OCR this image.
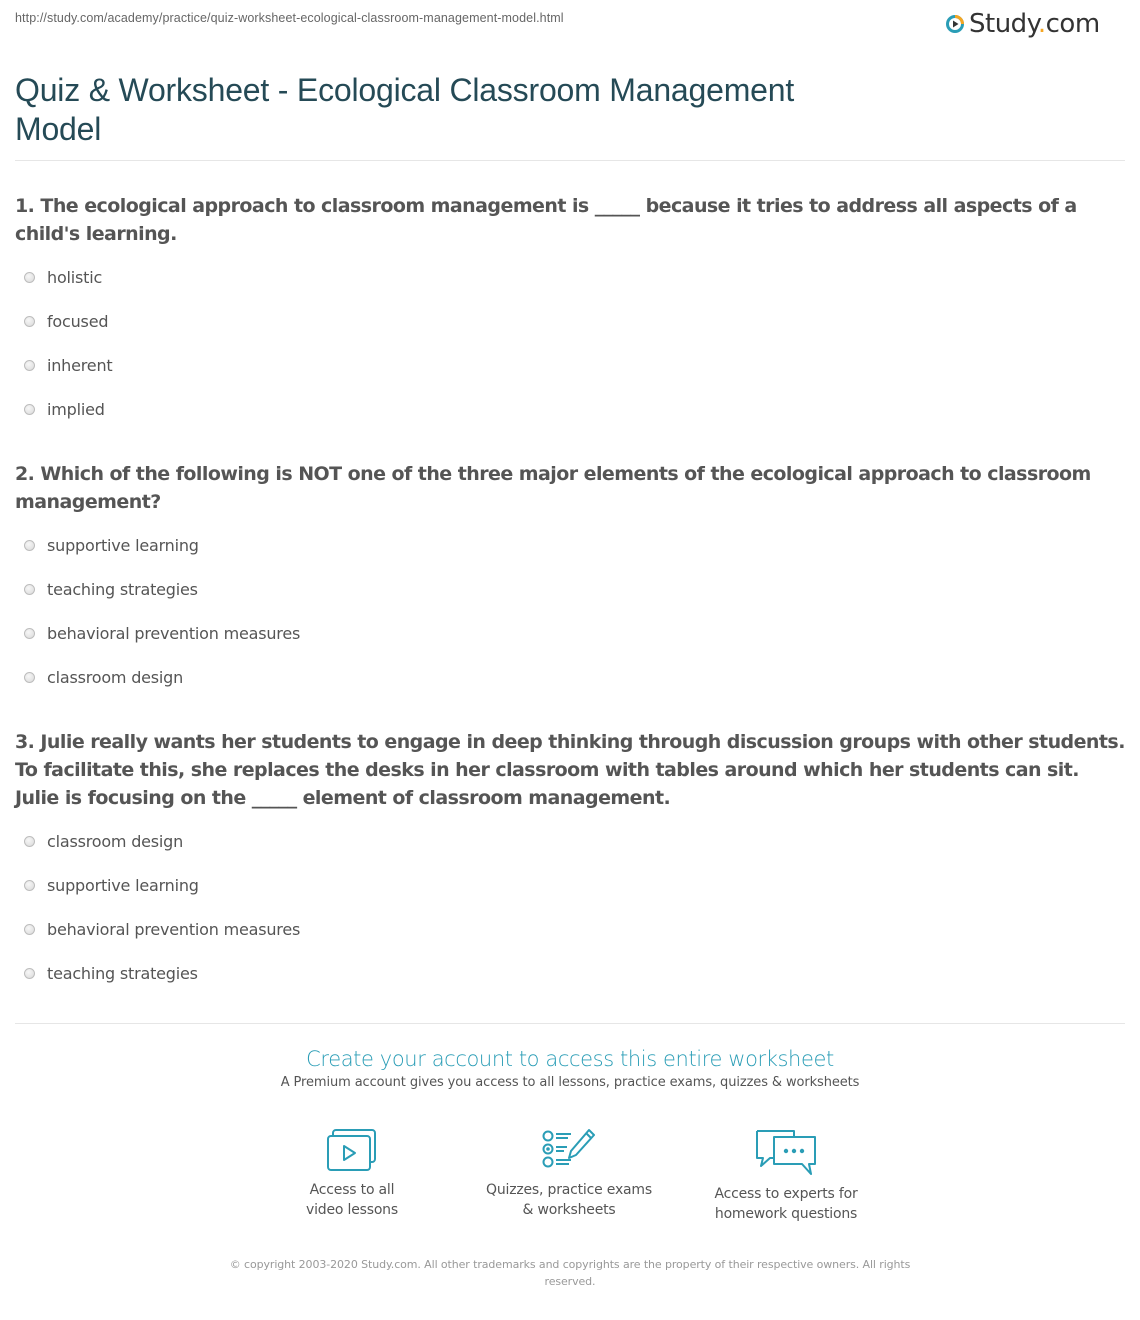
http://study.com/academy/practice/quiz-worksheet-ecological-classroom-management-model.html	Study.com
Quiz & Worksheet - Ecological Classroom Management Model
1. The ecological approach to classroom management is _____ because it tries to address all aspects of a child's learning.
holistic
focused
inherent
implied
2. Which of the following is NOT one of the three major elements of the ecological approach to classroom management?
supportive learning
teaching strategies
behavioral prevention measures
classroom design
3. Julie really wants her students to engage in deep thinking through discussion groups with other students. To facilitate this, she replaces the desks in her classroom with tables around which her students can sit. Julie is focusing on the _____ element of classroom management.
classroom design
supportive learning
behavioral prevention measures
teaching strategies
Create your account to access this entire worksheet
A Premium account gives you access to all lessons, practice exams, quizzes & worksheets
Access to all
video lessons
Quizzes, practice exams
& worksheets
Access to experts for
homework questions
© copyright 2003-2020 Study.com. All other trademarks and copyrights are the property of their respective owners. All rights reserved.
